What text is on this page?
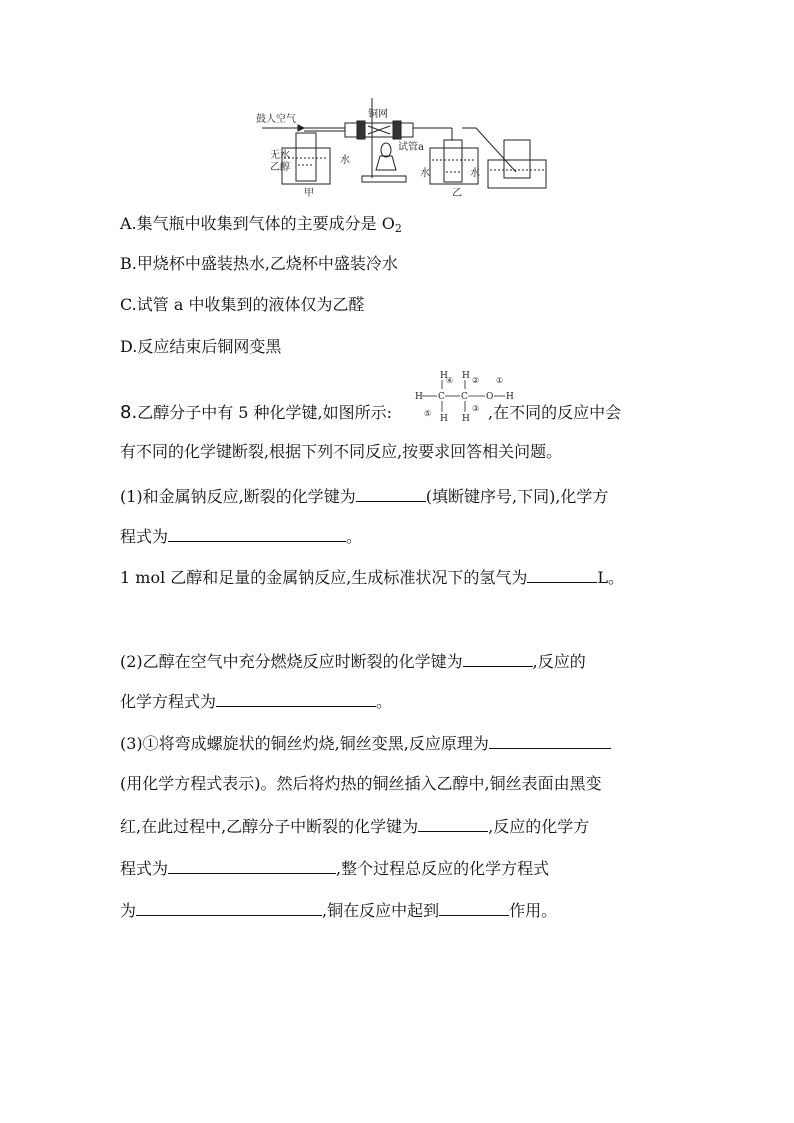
鼓人空气	铜网
无水
乙醇
水
甲
试管a
水
乙
水
A.集气瓶中收集到气体的主要成分是 $O_2$
B.甲烧杯中盛装热水,乙烧杯中盛装冷水
C.试管 a 中收集到的液体仅为乙醛
D.反应结束后铜网变黑
8.乙醇分子中有 5 种化学键,如图所示:	,在不同的反应中会
H H
H C C O H
H H
④ ② ①
③
⑤
有不同的化学键断裂,根据下列不同反应,按要求回答相关问题。
(1)和金属钠反应,断裂的化学键为	(填断键序号,下同),化学方
程式为	。
1 mol 乙醇和足量的金属钠反应,生成标准状况下的氢气为	L。
(2)乙醇在空气中充分燃烧反应时断裂的化学键为	,反应的
化学方程式为	。
(3)①将弯成螺旋状的铜丝灼烧,铜丝变黑,反应原理为
(用化学方程式表示)。然后将灼热的铜丝插入乙醇中,铜丝表面由黑变
红,在此过程中,乙醇分子中断裂的化学键为	,反应的化学方
程式为	,整个过程总反应的化学方程式
为	,铜在反应中起到	作用。
